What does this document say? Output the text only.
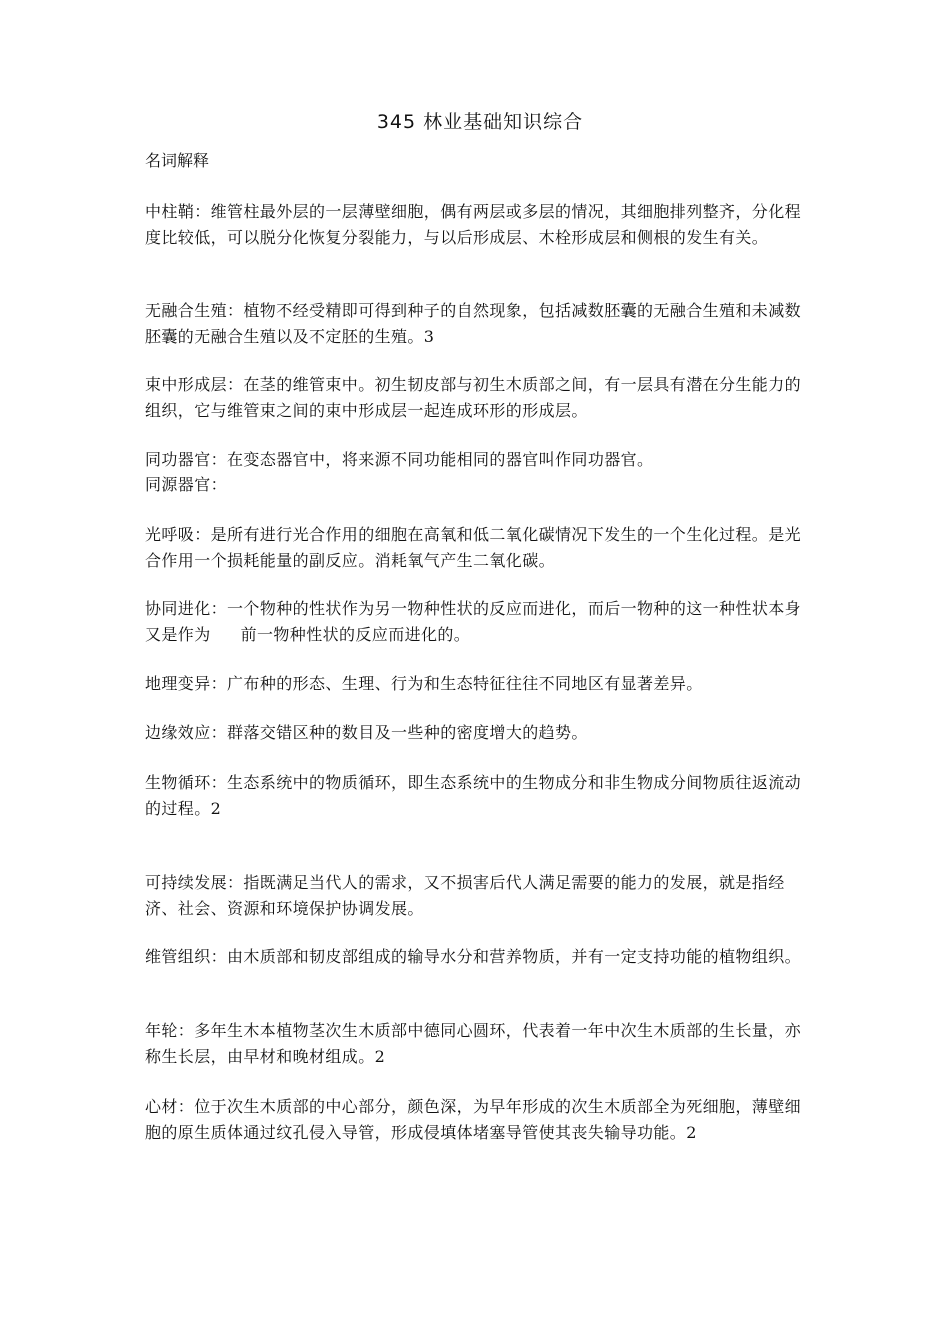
345 林业基础知识综合
名词解释

中柱鞘：维管柱最外层的一层薄壁细胞，偶有两层或多层的情况，其细胞排列整齐，分化程度比较低，可以脱分化恢复分裂能力，与以后形成层、木栓形成层和侧根的发生有关。

无融合生殖：植物不经受精即可得到种子的自然现象，包括减数胚囊的无融合生殖和未减数胚囊的无融合生殖以及不定胚的生殖。3

束中形成层：在茎的维管束中。初生韧皮部与初生木质部之间，有一层具有潜在分生能力的组织，它与维管束之间的束中形成层一起连成环形的形成层。

同功器官：在变态器官中，将来源不同功能相同的器官叫作同功器官。

同源器官：

光呼吸：是所有进行光合作用的细胞在高氧和低二氧化碳情况下发生的一个生化过程。是光合作用一个损耗能量的副反应。消耗氧气产生二氧化碳。

协同进化：一个物种的性状作为另一物种性状的反应而进化，而后一物种的这一种性状本身又是作为 前一物种性状的反应而进化的。

地理变异：广布种的形态、生理、行为和生态特征往往不同地区有显著差异。

边缘效应：群落交错区种的数目及一些种的密度增大的趋势。

生物循环：生态系统中的物质循环，即生态系统中的生物成分和非生物成分间物质往返流动的过程。2

可持续发展：指既满足当代人的需求，又不损害后代人满足需要的能力的发展，就是指经济、社会、资源和环境保护协调发展。

维管组织：由木质部和韧皮部组成的输导水分和营养物质，并有一定支持功能的植物组织。

年轮：多年生木本植物茎次生木质部中德同心圆环，代表着一年中次生木质部的生长量，亦称生长层，由早材和晚材组成。2

心材：位于次生木质部的中心部分，颜色深，为早年形成的次生木质部全为死细胞，薄壁细胞的原生质体通过纹孔侵入导管，形成侵填体堵塞导管使其丧失输导功能。2
